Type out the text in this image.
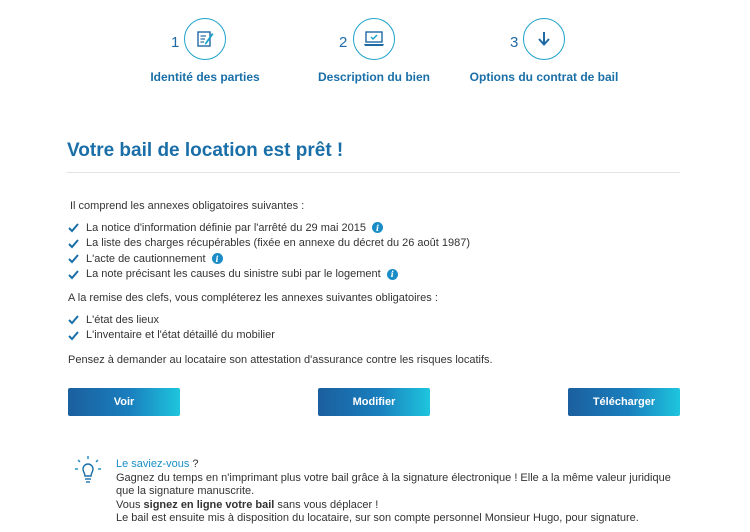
1
Identité des parties
2
Description du bien
3
Options du contrat de bail
Votre bail de location est prêt !

Il comprend les annexes obligatoires suivantes :

La notice d'information définie par l'arrêté du 29 mai 2015	i
La liste des charges récupérables (fixée en annexe du décret du 26 août 1987)
L'acte de cautionnement	i
La note précisant les causes du sinistre subi par le logement	i

A la remise des clefs, vous compléterez les annexes suivantes obligatoires :

L'état des lieux
L'inventaire et l'état détaillé du mobilier

Pensez à demander au locataire son attestation d'assurance contre les risques locatifs.

Voir	Modifier	Télécharger
Le saviez-vous ?
Gagnez du temps en n'imprimant plus votre bail grâce à la signature électronique ! Elle a la même valeur juridique que la signature manuscrite.
Vous signez en ligne votre bail sans vous déplacer !
Le bail est ensuite mis à disposition du locataire, sur son compte personnel Monsieur Hugo, pour signature.
